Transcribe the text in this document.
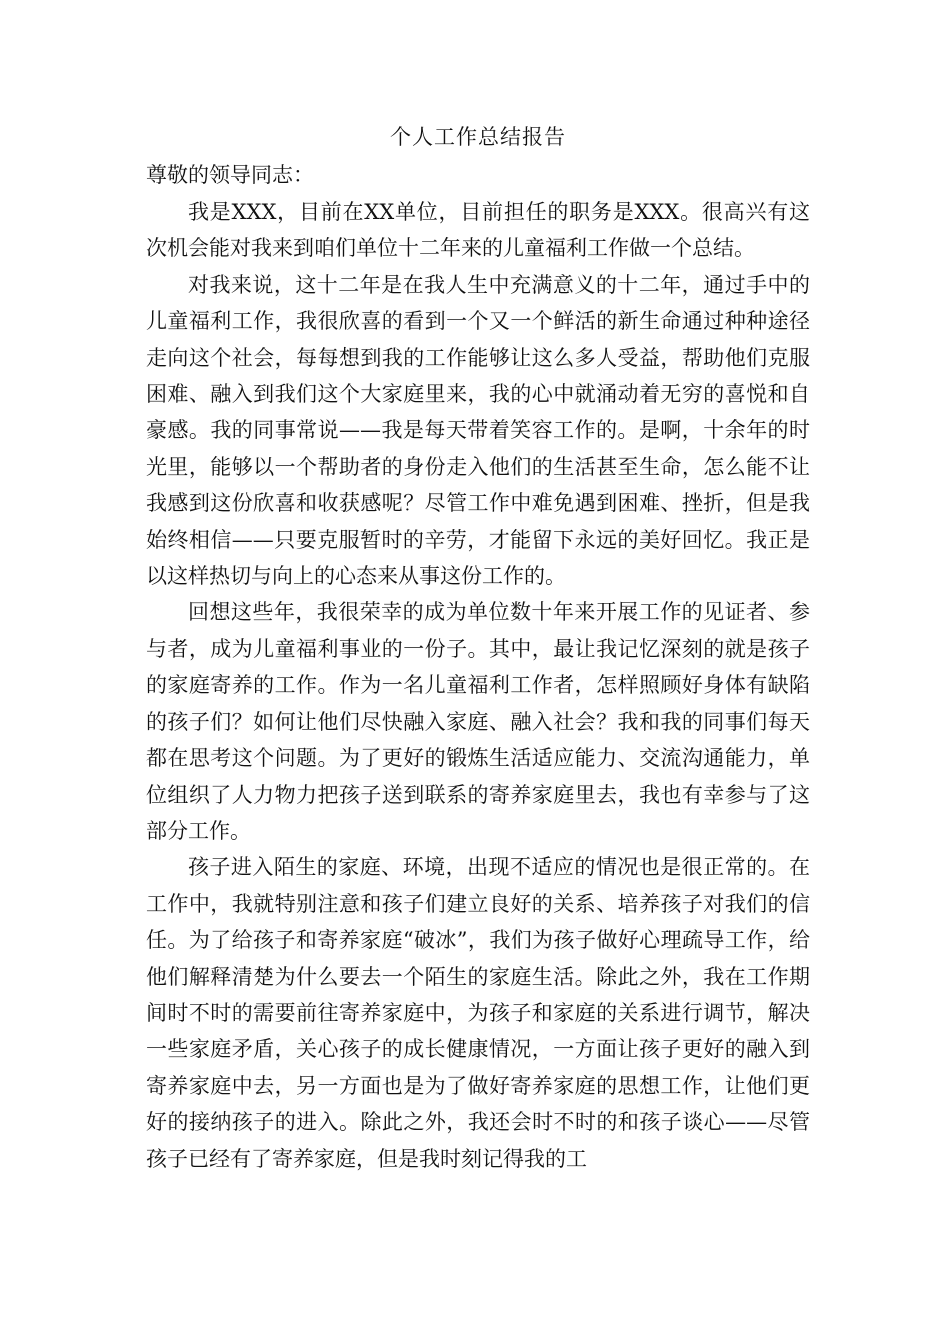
个人工作总结报告

尊敬的领导同志：

我是XXX，目前在XX单位，目前担任的职务是XXX。很高兴有这次机会能对我来到咱们单位十二年来的儿童福利工作做一个总结。

对我来说，这十二年是在我人生中充满意义的十二年，通过手中的儿童福利工作，我很欣喜的看到一个又一个鲜活的新生命通过种种途径走向这个社会，每每想到我的工作能够让这么多人受益，帮助他们克服困难、融入到我们这个大家庭里来，我的心中就涌动着无穷的喜悦和自豪感。我的同事常说——我是每天带着笑容工作的。是啊，十余年的时光里，能够以一个帮助者的身份走入他们的生活甚至生命，怎么能不让我感到这份欣喜和收获感呢？尽管工作中难免遇到困难、挫折，但是我始终相信——只要克服暂时的辛劳，才能留下永远的美好回忆。我正是以这样热切与向上的心态来从事这份工作的。

回想这些年，我很荣幸的成为单位数十年来开展工作的见证者、参与者，成为儿童福利事业的一份子。其中，最让我记忆深刻的就是孩子的家庭寄养的工作。作为一名儿童福利工作者，怎样照顾好身体有缺陷的孩子们？如何让他们尽快融入家庭、融入社会？我和我的同事们每天都在思考这个问题。为了更好的锻炼生活适应能力、交流沟通能力，单位组织了人力物力把孩子送到联系的寄养家庭里去，我也有幸参与了这部分工作。

孩子进入陌生的家庭、环境，出现不适应的情况也是很正常的。在工作中，我就特别注意和孩子们建立良好的关系、培养孩子对我们的信任。为了给孩子和寄养家庭“破冰”，我们为孩子做好心理疏导工作，给他们解释清楚为什么要去一个陌生的家庭生活。除此之外，我在工作期间时不时的需要前往寄养家庭中，为孩子和家庭的关系进行调节，解决一些家庭矛盾，关心孩子的成长健康情况，一方面让孩子更好的融入到寄养家庭中去，另一方面也是为了做好寄养家庭的思想工作，让他们更好的接纳孩子的进入。除此之外，我还会时不时的和孩子谈心——尽管孩子已经有了寄养家庭，但是我时刻记得我的工
